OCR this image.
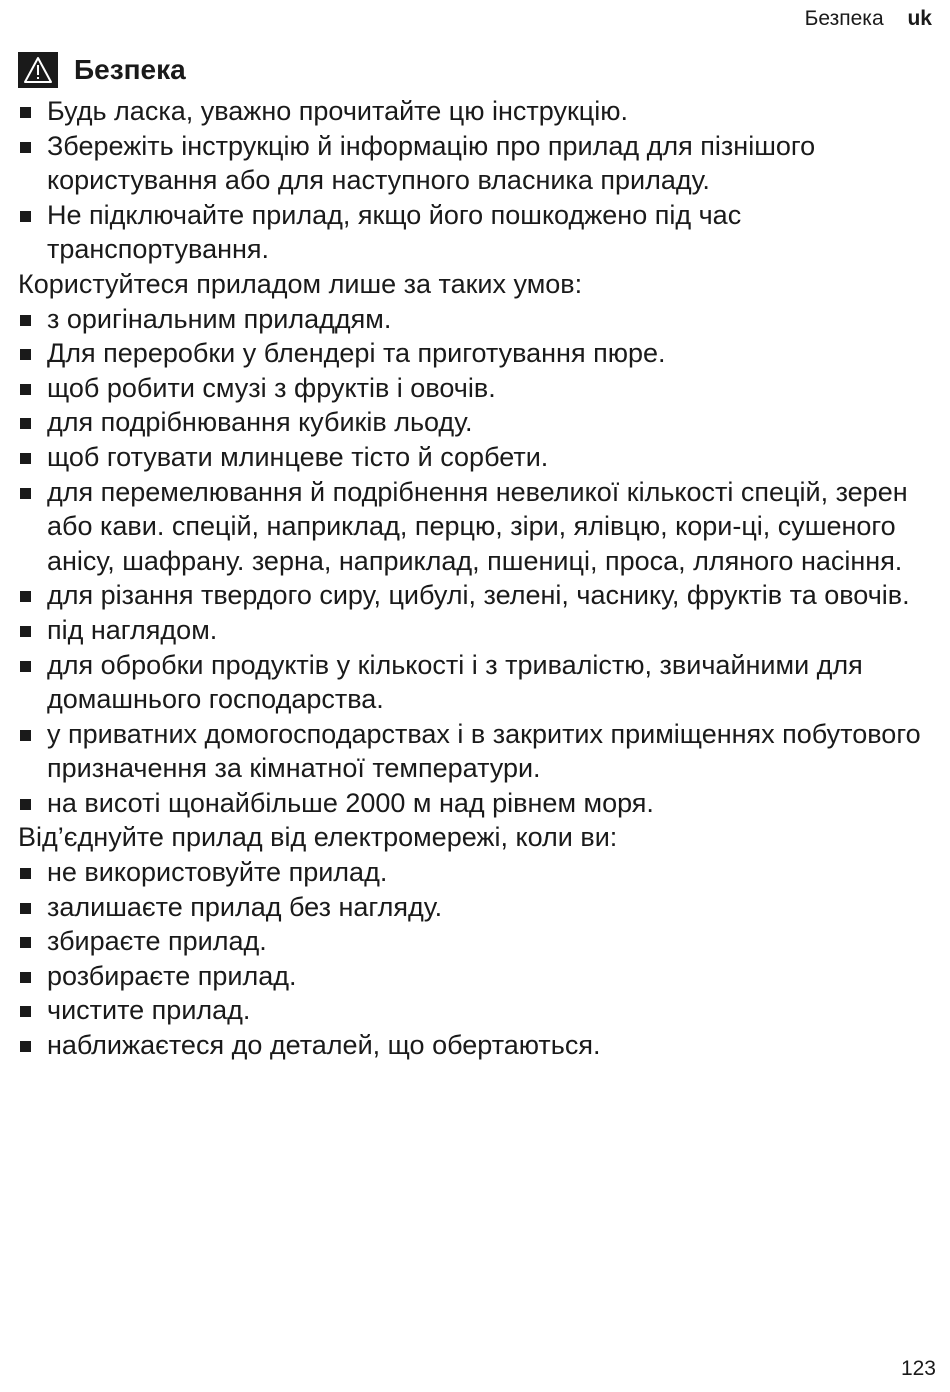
Безпека uk
Безпека
Будь ласка, уважно прочитайте цю інструкцію.
Збережіть інструкцію й інформацію про прилад для пізнішого користування або для наступного власника приладу.
Не підключайте прилад, якщо його пошкоджено під час транспортування.
Користуйтеся приладом лише за таких умов:
з оригінальним приладдям.
Для переробки у блендері та приготування пюре.
щоб робити смузі з фруктів і овочів.
для подрібнювання кубиків льоду.
щоб готувати млинцеве тісто й сорбети.
для перемелювання й подрібнення невеликої кількості спецій, зерен або кави. спецій, наприклад, перцю, зіри, ялівцю, кори-ці, сушеного анісу, шафрану. зерна, наприклад, пшениці, проса, лляного насіння.
для різання твердого сиру, цибулі, зелені, часнику, фруктів та овочів.
під наглядом.
для обробки продуктів у кількості і з тривалістю, звичайними для домашнього господарства.
у приватних домогосподарствах і в закритих приміщеннях побутового призначення за кімнатної температури.
на висоті щонайбільше 2000 м над рівнем моря.
Від’єднуйте прилад від електромережі, коли ви:
не використовуйте прилад.
залишаєте прилад без нагляду.
збираєте прилад.
розбираєте прилад.
чистите прилад.
наближаєтеся до деталей, що обертаються.
123
